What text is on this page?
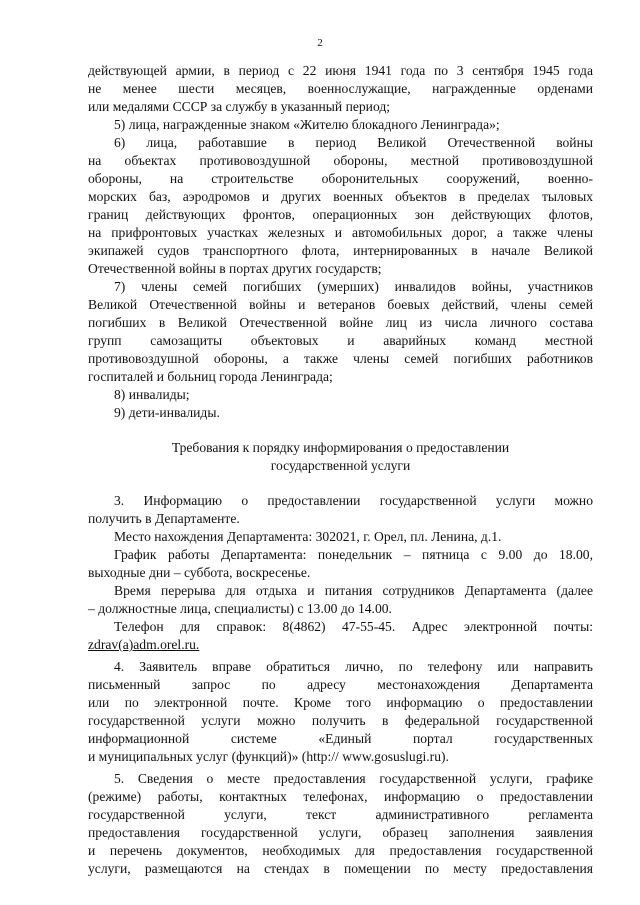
2
действующей армии, в период с 22 июня 1941 года по 3 сентября 1945 года
не менее шести месяцев, военнослужащие, награжденные орденами
или медалями СССР за службу в указанный период;
5) лица, награжденные знаком «Жителю блокадного Ленинграда»;
6) лица, работавшие в период Великой Отечественной войны
на объектах противовоздушной обороны, местной противовоздушной
обороны, на строительстве оборонительных сооружений, военно-
морских баз, аэродромов и других военных объектов в пределах тыловых
границ действующих фронтов, операционных зон действующих флотов,
на прифронтовых участках железных и автомобильных дорог, а также члены
экипажей судов транспортного флота, интернированных в начале Великой
Отечественной войны в портах других государств;
7) члены семей погибших (умерших) инвалидов войны, участников
Великой Отечественной войны и ветеранов боевых действий, члены семей
погибших в Великой Отечественной войне лиц из числа личного состава
групп самозащиты объектовых и аварийных команд местной
противовоздушной обороны, а также члены семей погибших работников
госпиталей и больниц города Ленинграда;
8) инвалиды;
9) дети-инвалиды.
Требования к порядку информирования о предоставлении
государственной услуги
3. Информацию о предоставлении государственной услуги можно
получить в Департаменте.
Место нахождения Департамента: 302021, г. Орел, пл. Ленина, д.1.
График работы Департамента: понедельник – пятница с 9.00 до 18.00,
выходные дни – суббота, воскресенье.
Время перерыва для отдыха и питания сотрудников Департамента (далее
– должностные лица, специалисты) с 13.00 до 14.00.
Телефон для справок: 8(4862) 47-55-45. Адрес электронной почты:
zdrav(a)adm.orel.ru.
4. Заявитель вправе обратиться лично, по телефону или направить
письменный запрос по адресу местонахождения Департамента
или по электронной почте. Кроме того информацию о предоставлении
государственной услуги можно получить в федеральной государственной
информационной системе «Единый портал государственных
и муниципальных услуг (функций)» (http:// www.gosuslugi.ru).
5. Сведения о месте предоставления государственной услуги, графике
(режиме) работы, контактных телефонах, информацию о предоставлении
государственной услуги, текст административного регламента
предоставления государственной услуги, образец заполнения заявления
и перечень документов, необходимых для предоставления государственной
услуги, размещаются на стендах в помещении по месту предоставления
